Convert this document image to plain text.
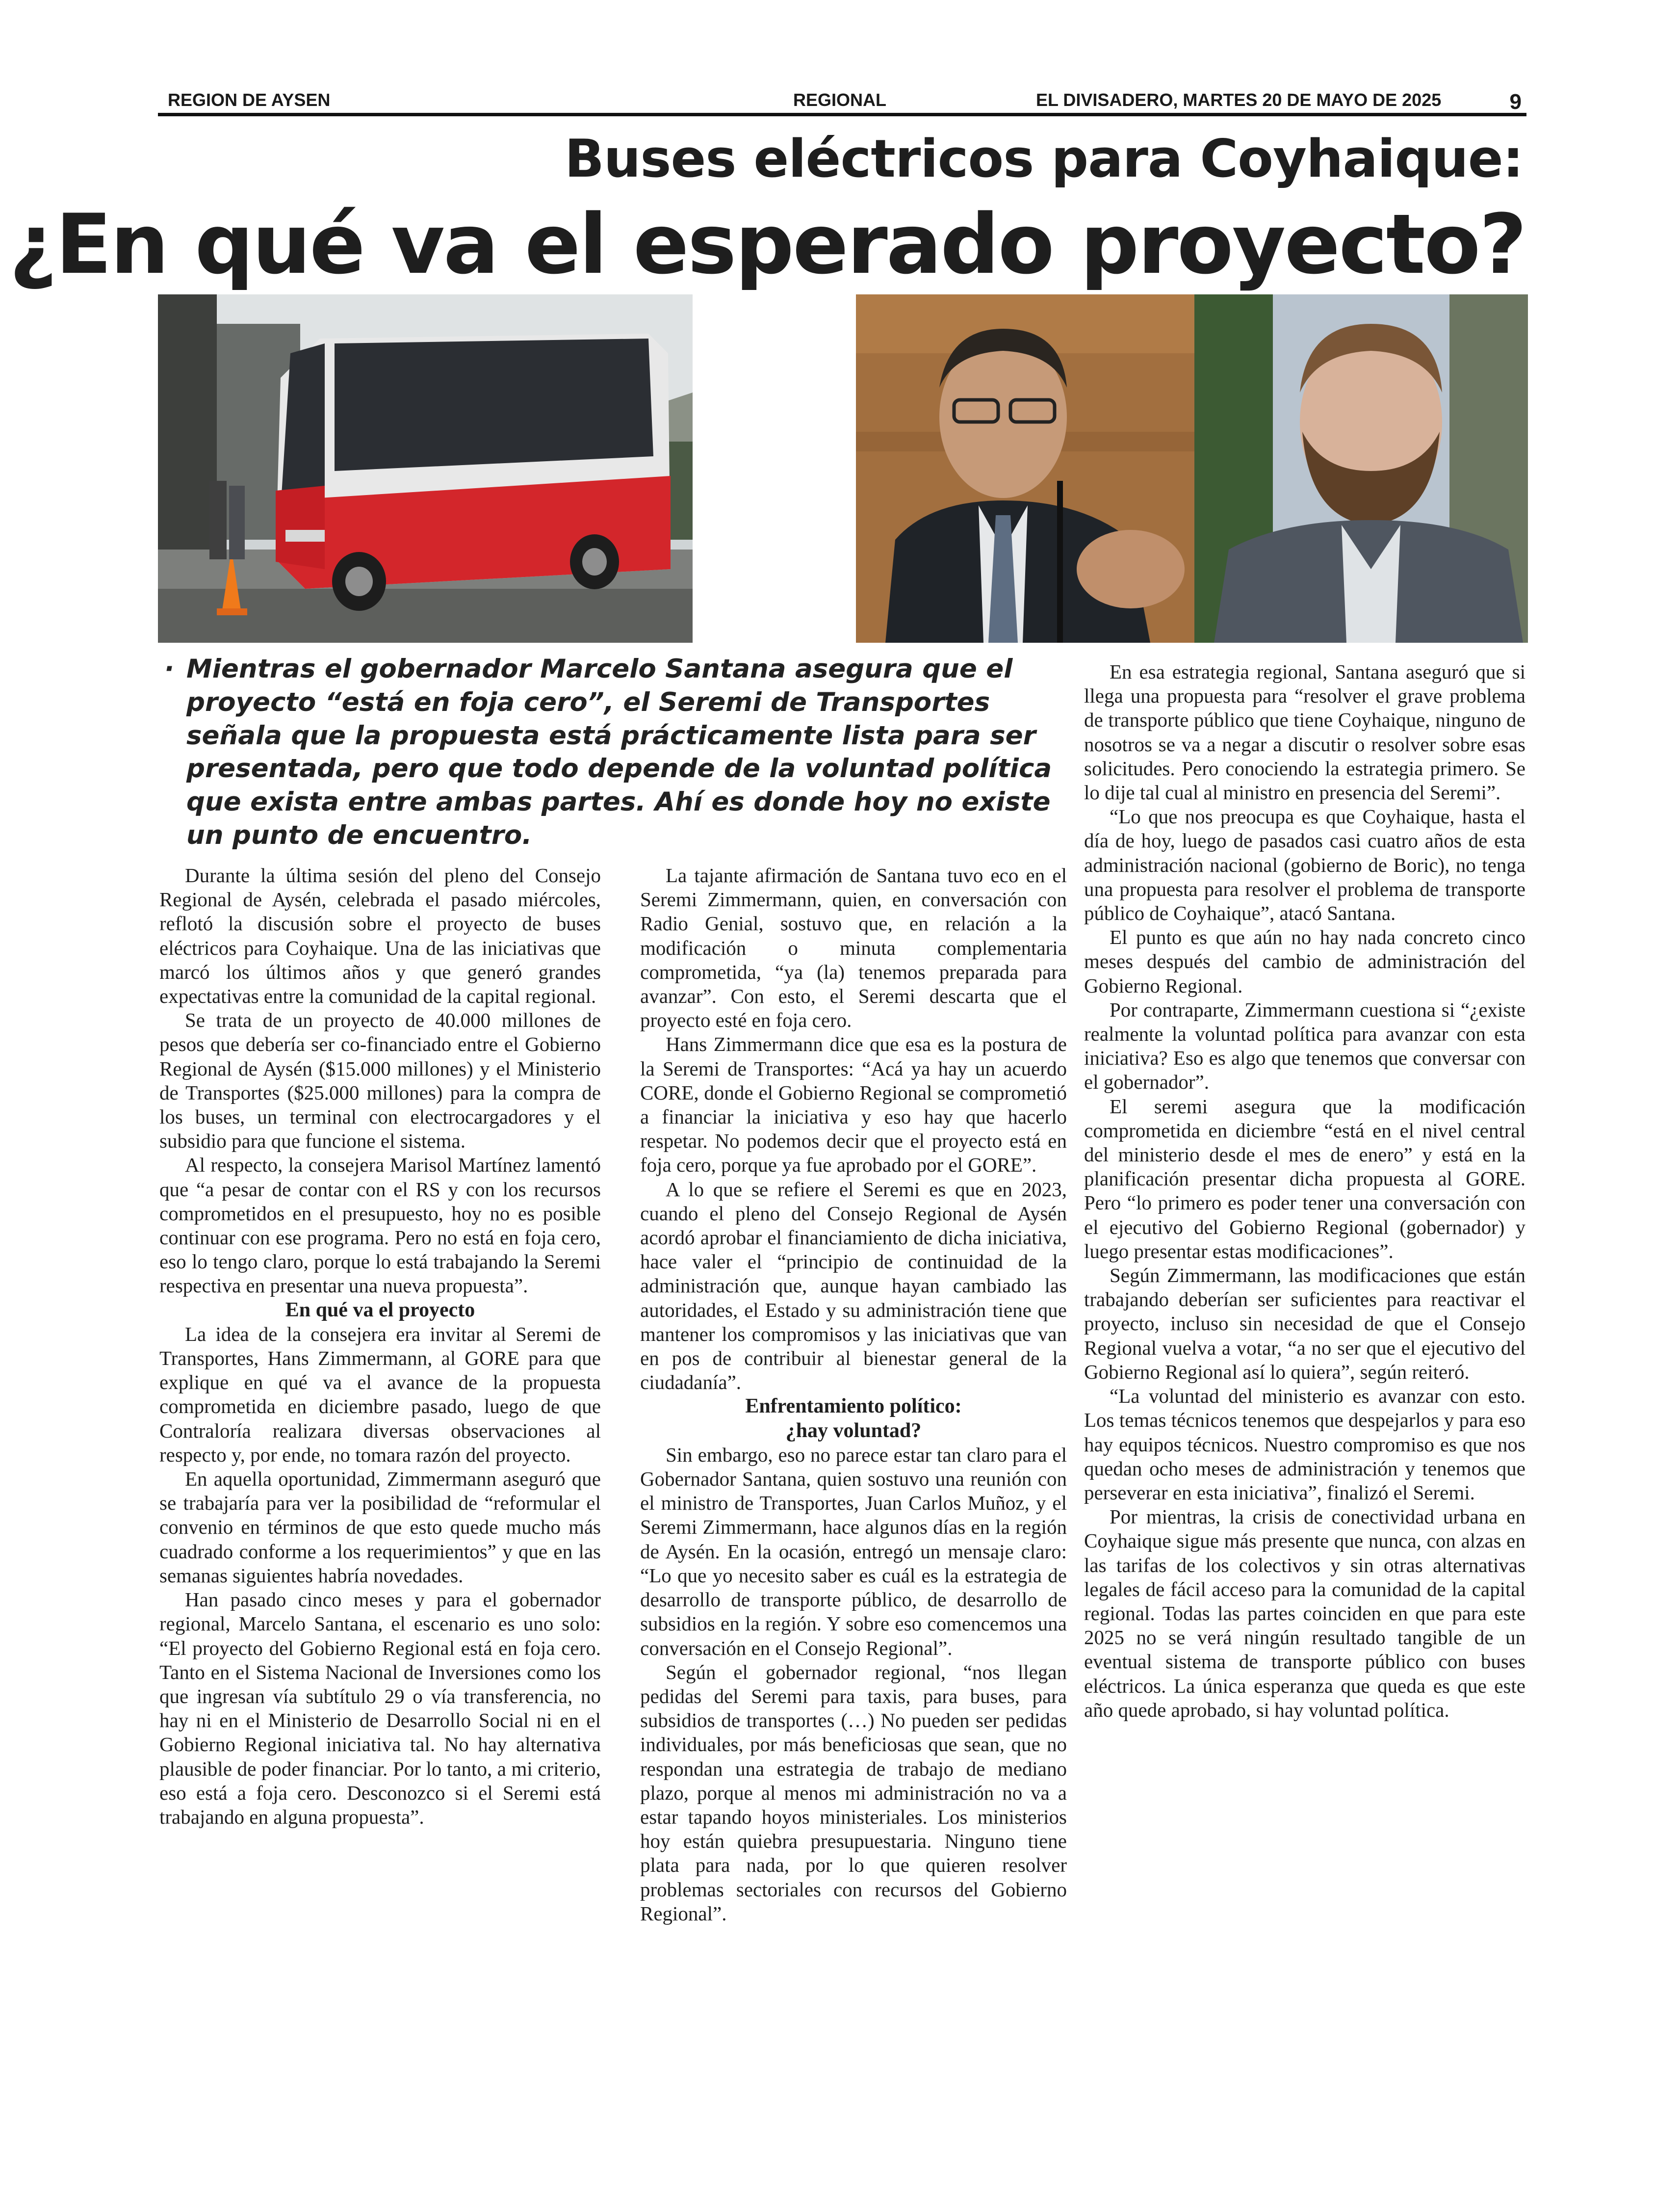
REGION DE AYSEN	REGIONAL	EL DIVISADERO, MARTES 20 DE MAYO DE 2025	9
Buses eléctricos para Coyhaique:
¿En qué va el esperado proyecto?
· Mientras el gobernador Marcelo Santana asegura que el proyecto “está en foja cero”, el Seremi de Transportes señala que la propuesta está prácticamente lista para ser presentada, pero que todo depende de la voluntad política que exista entre ambas partes. Ahí es donde hoy no existe un punto de encuentro.

Durante la última sesión del pleno del Consejo Regional de Aysén, celebrada el pasado miércoles, reflotó la discusión sobre el proyecto de buses eléctricos para Coyhaique. Una de las iniciativas que marcó los últimos años y que generó grandes expectativas entre la comunidad de la capital regional.

Se trata de un proyecto de 40.000 millones de pesos que debería ser co-financiado entre el Gobierno Regional de Aysén ($15.000 millones) y el Ministerio de Transportes ($25.000 millones) para la compra de los buses, un terminal con electrocargadores y el subsidio para que funcione el sistema.

Al respecto, la consejera Marisol Martínez lamentó que “a pesar de contar con el RS y con los recursos comprometidos en el presupuesto, hoy no es posible continuar con ese programa. Pero no está en foja cero, eso lo tengo claro, porque lo está trabajando la Seremi respectiva en presentar una nueva propuesta”.

En qué va el proyecto

La idea de la consejera era invitar al Seremi de Transportes, Hans Zimmermann, al GORE para que explique en qué va el avance de la propuesta comprometida en diciembre pasado, luego de que Contraloría realizara diversas observaciones al respecto y, por ende, no tomara razón del proyecto.

En aquella oportunidad, Zimmermann aseguró que se trabajaría para ver la posibilidad de “reformular el convenio en términos de que esto quede mucho más cuadrado conforme a los requerimientos” y que en las semanas siguientes habría novedades.

Han pasado cinco meses y para el gobernador regional, Marcelo Santana, el escenario es uno solo: “El proyecto del Gobierno Regional está en foja cero. Tanto en el Sistema Nacional de Inversiones como los que ingresan vía subtítulo 29 o vía transferencia, no hay ni en el Ministerio de Desarrollo Social ni en el Gobierno Regional iniciativa tal. No hay alternativa plausible de poder financiar. Por lo tanto, a mi criterio, eso está a foja cero. Desconozco si el Seremi está trabajando en alguna propuesta”.

La tajante afirmación de Santana tuvo eco en el Seremi Zimmermann, quien, en conversación con Radio Genial, sostuvo que, en relación a la modificación o minuta complementaria comprometida, “ya (la) tenemos preparada para avanzar”. Con esto, el Seremi descarta que el proyecto esté en foja cero.

Hans Zimmermann dice que esa es la postura de la Seremi de Transportes: “Acá ya hay un acuerdo CORE, donde el Gobierno Regional se comprometió a financiar la iniciativa y eso hay que hacerlo respetar. No podemos decir que el proyecto está en foja cero, porque ya fue aprobado por el GORE”.

A lo que se refiere el Seremi es que en 2023, cuando el pleno del Consejo Regional de Aysén acordó aprobar el financiamiento de dicha iniciativa, hace valer el “principio de continuidad de la administración que, aunque hayan cambiado las autoridades, el Estado y su administración tiene que mantener los compromisos y las iniciativas que van en pos de contribuir al bienestar general de la ciudadanía”.

Enfrentamiento político:
¿hay voluntad?

Sin embargo, eso no parece estar tan claro para el Gobernador Santana, quien sostuvo una reunión con el ministro de Transportes, Juan Carlos Muñoz, y el Seremi Zimmermann, hace algunos días en la región de Aysén. En la ocasión, entregó un mensaje claro: “Lo que yo necesito saber es cuál es la estrategia de desarrollo de transporte público, de desarrollo de subsidios en la región. Y sobre eso comencemos una conversación en el Consejo Regional”.

Según el gobernador regional, “nos llegan pedidas del Seremi para taxis, para buses, para subsidios de transportes (…) No pueden ser pedidas individuales, por más beneficiosas que sean, que no respondan una estrategia de trabajo de mediano plazo, porque al menos mi administración no va a estar tapando hoyos ministeriales. Los ministerios hoy están quiebra presupuestaria. Ninguno tiene plata para nada, por lo que quieren resolver problemas sectoriales con recursos del Gobierno Regional”.

En esa estrategia regional, Santana aseguró que si llega una propuesta para “resolver el grave problema de transporte público que tiene Coyhaique, ninguno de nosotros se va a negar a discutir o resolver sobre esas solicitudes. Pero conociendo la estrategia primero. Se lo dije tal cual al ministro en presencia del Seremi”.

“Lo que nos preocupa es que Coyhaique, hasta el día de hoy, luego de pasados casi cuatro años de esta administración nacional (gobierno de Boric), no tenga una propuesta para resolver el problema de transporte público de Coyhaique”, atacó Santana.

El punto es que aún no hay nada concreto cinco meses después del cambio de administración del Gobierno Regional.

Por contraparte, Zimmermann cuestiona si “¿existe realmente la voluntad política para avanzar con esta iniciativa? Eso es algo que tenemos que conversar con el gobernador”.

El seremi asegura que la modificación comprometida en diciembre “está en el nivel central del ministerio desde el mes de enero” y está en la planificación presentar dicha propuesta al GORE. Pero “lo primero es poder tener una conversación con el ejecutivo del Gobierno Regional (gobernador) y luego presentar estas modificaciones”.

Según Zimmermann, las modificaciones que están trabajando deberían ser suficientes para reactivar el proyecto, incluso sin necesidad de que el Consejo Regional vuelva a votar, “a no ser que el ejecutivo del Gobierno Regional así lo quiera”, según reiteró.

“La voluntad del ministerio es avanzar con esto. Los temas técnicos tenemos que despejarlos y para eso hay equipos técnicos. Nuestro compromiso es que nos quedan ocho meses de administración y tenemos que perseverar en esta iniciativa”, finalizó el Seremi.

Por mientras, la crisis de conectividad urbana en Coyhaique sigue más presente que nunca, con alzas en las tarifas de los colectivos y sin otras alternativas legales de fácil acceso para la comunidad de la capital regional. Todas las partes coinciden en que para este 2025 no se verá ningún resultado tangible de un eventual sistema de transporte público con buses eléctricos. La única esperanza que queda es que este año quede aprobado, si hay voluntad política.
